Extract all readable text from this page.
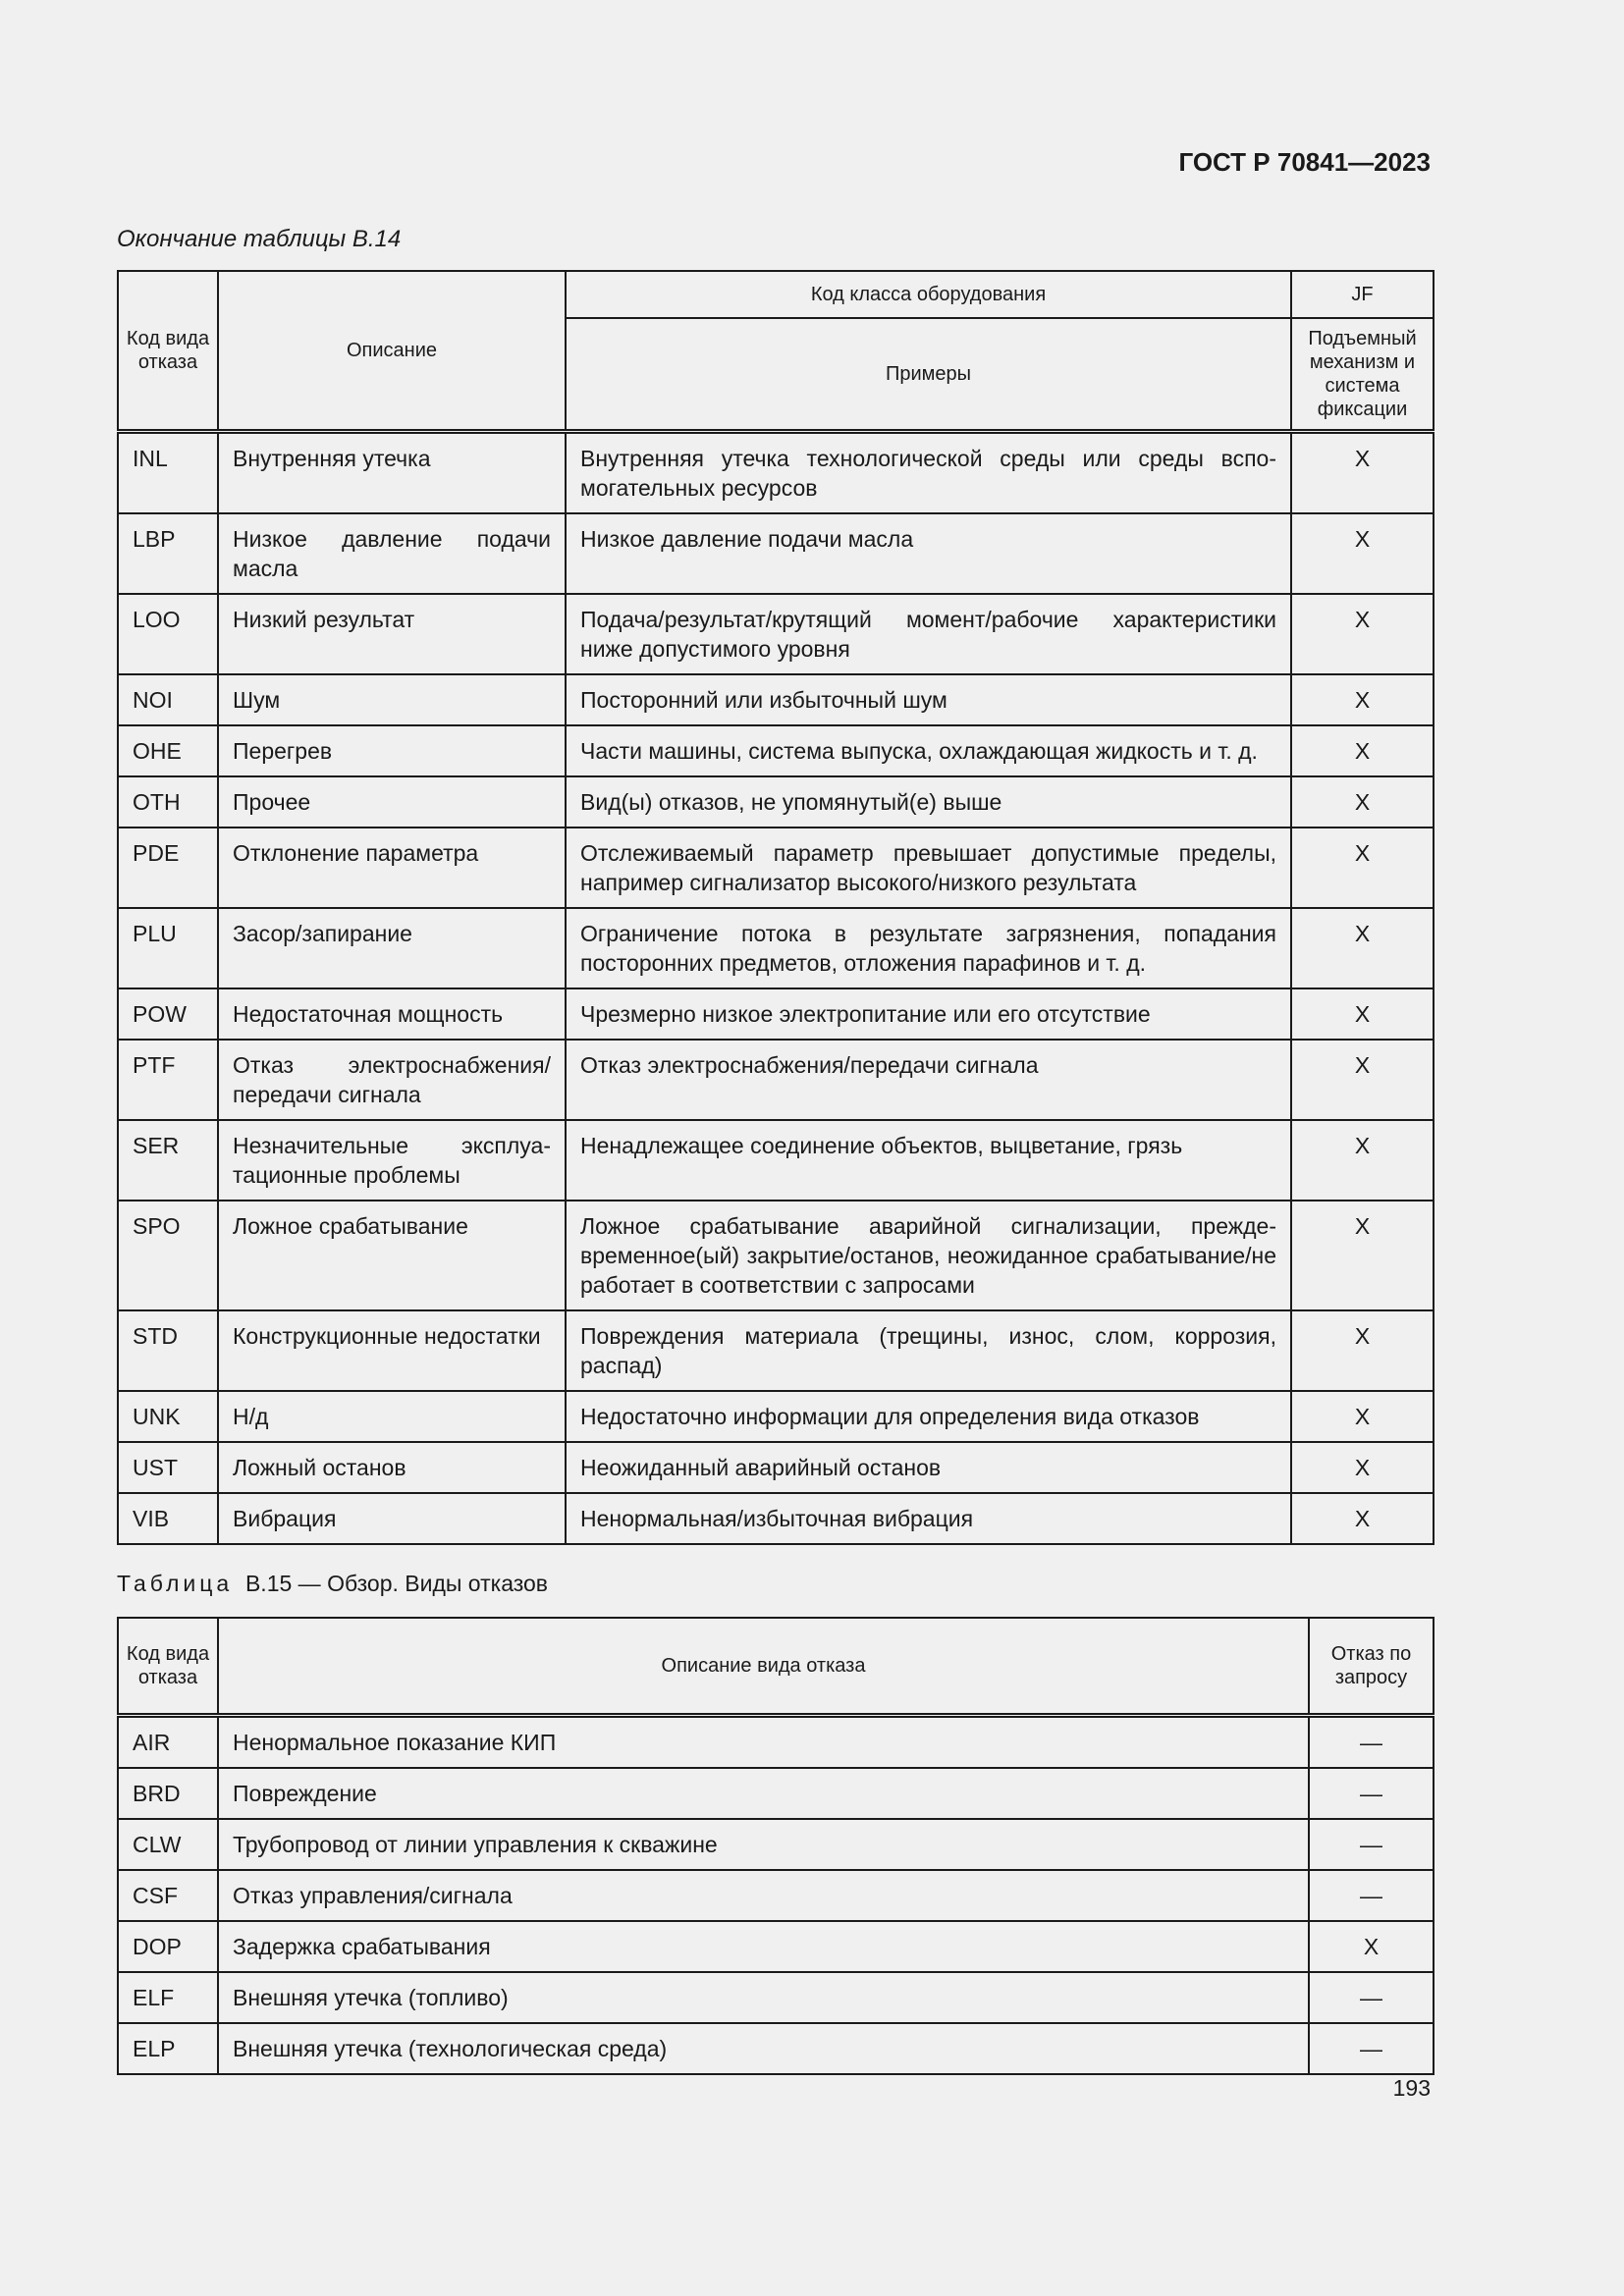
ГОСТ Р 70841—2023
Окончание таблицы В.14
Код вида отказа	Описание	Код класса оборудования	JF
		Примеры	Подъемный механизм и система фиксации
INL	Внутренняя утечка	Внутренняя утечка технологической среды или среды вспомогательных ресурсов	X
LBP	Низкое давление подачи масла	Низкое давление подачи масла	X
LOO	Низкий результат	Подача/результат/крутящий момент/рабочие характеристики ниже допустимого уровня	X
NOI	Шум	Посторонний или избыточный шум	X
OHE	Перегрев	Части машины, система выпуска, охлаждающая жидкость и т. д.	X
OTH	Прочее	Вид(ы) отказов, не упомянутый(е) выше	X
PDE	Отклонение параметра	Отслеживаемый параметр превышает допустимые пределы, например сигнализатор высокого/низкого результата	X
PLU	Засор/запирание	Ограничение потока в результате загрязнения, попадания посторонних предметов, отложения парафинов и т. д.	X
POW	Недостаточная мощность	Чрезмерно низкое электропитание или его отсутствие	X
PTF	Отказ электроснабжения/ передачи сигнала	Отказ электроснабжения/передачи сигнала	X
SER	Незначительные эксплуатационные проблемы	Ненадлежащее соединение объектов, выцветание, грязь	X
SPO	Ложное срабатывание	Ложное срабатывание аварийной сигнализации, преждевременное(ый) закрытие/останов, неожиданное срабатывание/не работает в соответствии с запросами	X
STD	Конструкционные недостатки	Повреждения материала (трещины, износ, слом, коррозия, распад)	X
UNK	Н/д	Недостаточно информации для определения вида отказов	X
UST	Ложный останов	Неожиданный аварийный останов	X
VIB	Вибрация	Ненормальная/избыточная вибрация	X
Таблица В.15 — Обзор. Виды отказов
Код вида отказа	Описание вида отказа	Отказ по запросу
AIR	Ненормальное показание КИП	—
BRD	Повреждение	—
CLW	Трубопровод от линии управления к скважине	—
CSF	Отказ управления/сигнала	—
DOP	Задержка срабатывания	X
ELF	Внешняя утечка (топливо)	—
ELP	Внешняя утечка (технологическая среда)	—
193
